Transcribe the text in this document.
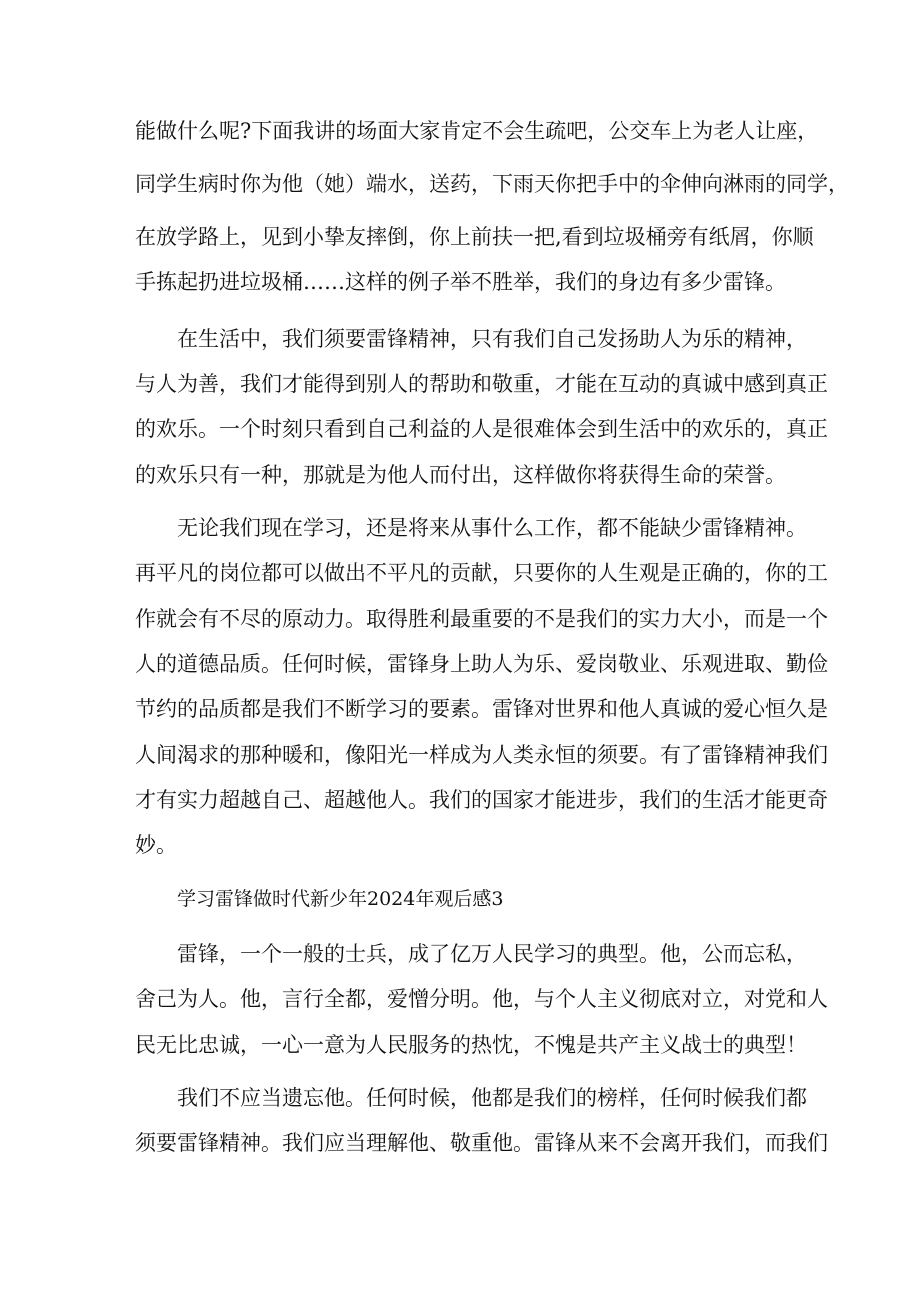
能做什么呢?下面我讲的场面大家肯定不会生疏吧，公交车上为老人让座，
同学生病时你为他（她）端水，送药，下雨天你把手中的伞伸向淋雨的同学，
在放学路上，见到小挚友摔倒，你上前扶一把,看到垃圾桶旁有纸屑，你顺
手拣起扔进垃圾桶……这样的例子举不胜举，我们的身边有多少雷锋。
在生活中，我们须要雷锋精神，只有我们自己发扬助人为乐的精神，
与人为善，我们才能得到别人的帮助和敬重，才能在互动的真诚中感到真正
的欢乐。一个时刻只看到自己利益的人是很难体会到生活中的欢乐的，真正
的欢乐只有一种，那就是为他人而付出，这样做你将获得生命的荣誉。
无论我们现在学习，还是将来从事什么工作，都不能缺少雷锋精神。
再平凡的岗位都可以做出不平凡的贡献，只要你的人生观是正确的，你的工
作就会有不尽的原动力。取得胜利最重要的不是我们的实力大小，而是一个
人的道德品质。任何时候，雷锋身上助人为乐、爱岗敬业、乐观进取、勤俭
节约的品质都是我们不断学习的要素。雷锋对世界和他人真诚的爱心恒久是
人间渴求的那种暖和，像阳光一样成为人类永恒的须要。有了雷锋精神我们
才有实力超越自己、超越他人。我们的国家才能进步，我们的生活才能更奇
妙。
学习雷锋做时代新少年2024年观后感3
雷锋，一个一般的士兵，成了亿万人民学习的典型。他，公而忘私，
舍己为人。他，言行全都，爱憎分明。他，与个人主义彻底对立，对党和人
民无比忠诚，一心一意为人民服务的热忱，不愧是共产主义战士的典型！
我们不应当遗忘他。任何时候，他都是我们的榜样，任何时候我们都
须要雷锋精神。我们应当理解他、敬重他。雷锋从来不会离开我们，而我们
